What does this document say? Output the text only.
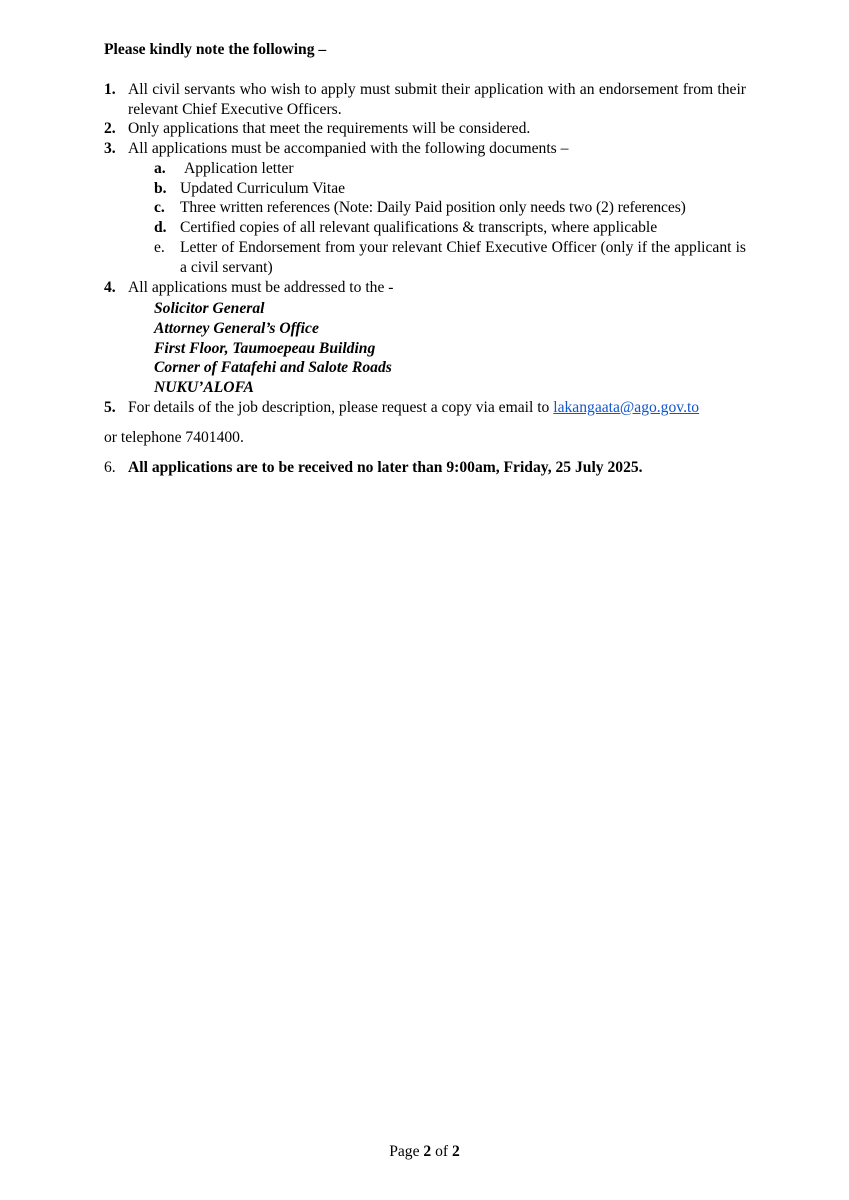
Please kindly note the following –
1. All civil servants who wish to apply must submit their application with an endorsement from their relevant Chief Executive Officers.
2. Only applications that meet the requirements will be considered.
3. All applications must be accompanied with the following documents –
a.	Application letter
b. Updated Curriculum Vitae
c. Three written references (Note: Daily Paid position only needs two (2) references)
d. Certified copies of all relevant qualifications & transcripts, where applicable
e. Letter of Endorsement from your relevant Chief Executive Officer (only if the applicant is a civil servant)
4. All applications must be addressed to the -
Solicitor General
Attorney General’s Office
First Floor, Taumoepeau Building
Corner of Fatafehi and Salote Roads
NUKU’ALOFA
5. For details of the job description, please request a copy via email to lakangaata@ago.gov.to
or telephone 7401400.
6. All applications are to be received no later than 9:00am, Friday, 25 July 2025.
Page 2 of 2
